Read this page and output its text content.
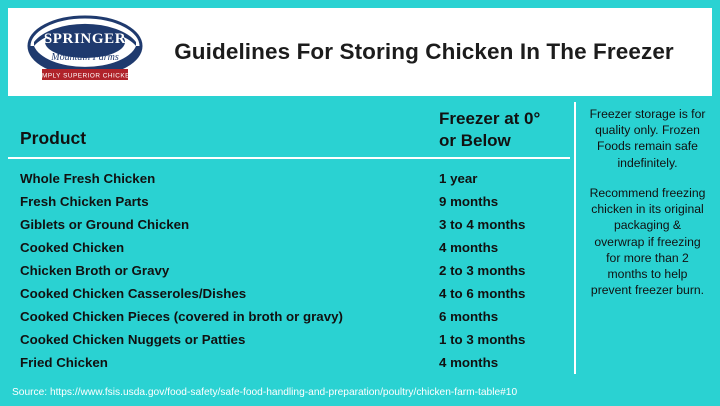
SPRINGER
Mountain Farms
SIMPLY SUPERIOR CHICKEN
Guidelines For Storing Chicken In The Freezer
Product
Freezer at 0°
or Below
Whole Fresh Chicken	1 year
Fresh Chicken Parts	9 months
Giblets or Ground Chicken	3 to 4 months
Cooked Chicken	4 months
Chicken Broth or Gravy	2 to 3 months
Cooked Chicken Casseroles/Dishes	4 to 6 months
Cooked Chicken Pieces (covered in broth or gravy)	6 months
Cooked Chicken Nuggets or Patties	1 to 3 months
Fried Chicken	4 months

Freezer storage is for quality only. Frozen Foods remain safe indefinitely.

Recommend freezing chicken in its original packaging & overwrap if freezing for more than 2 months to help prevent freezer burn.

Source: https://www.fsis.usda.gov/food-safety/safe-food-handling-and-preparation/poultry/chicken-farm-table#10
